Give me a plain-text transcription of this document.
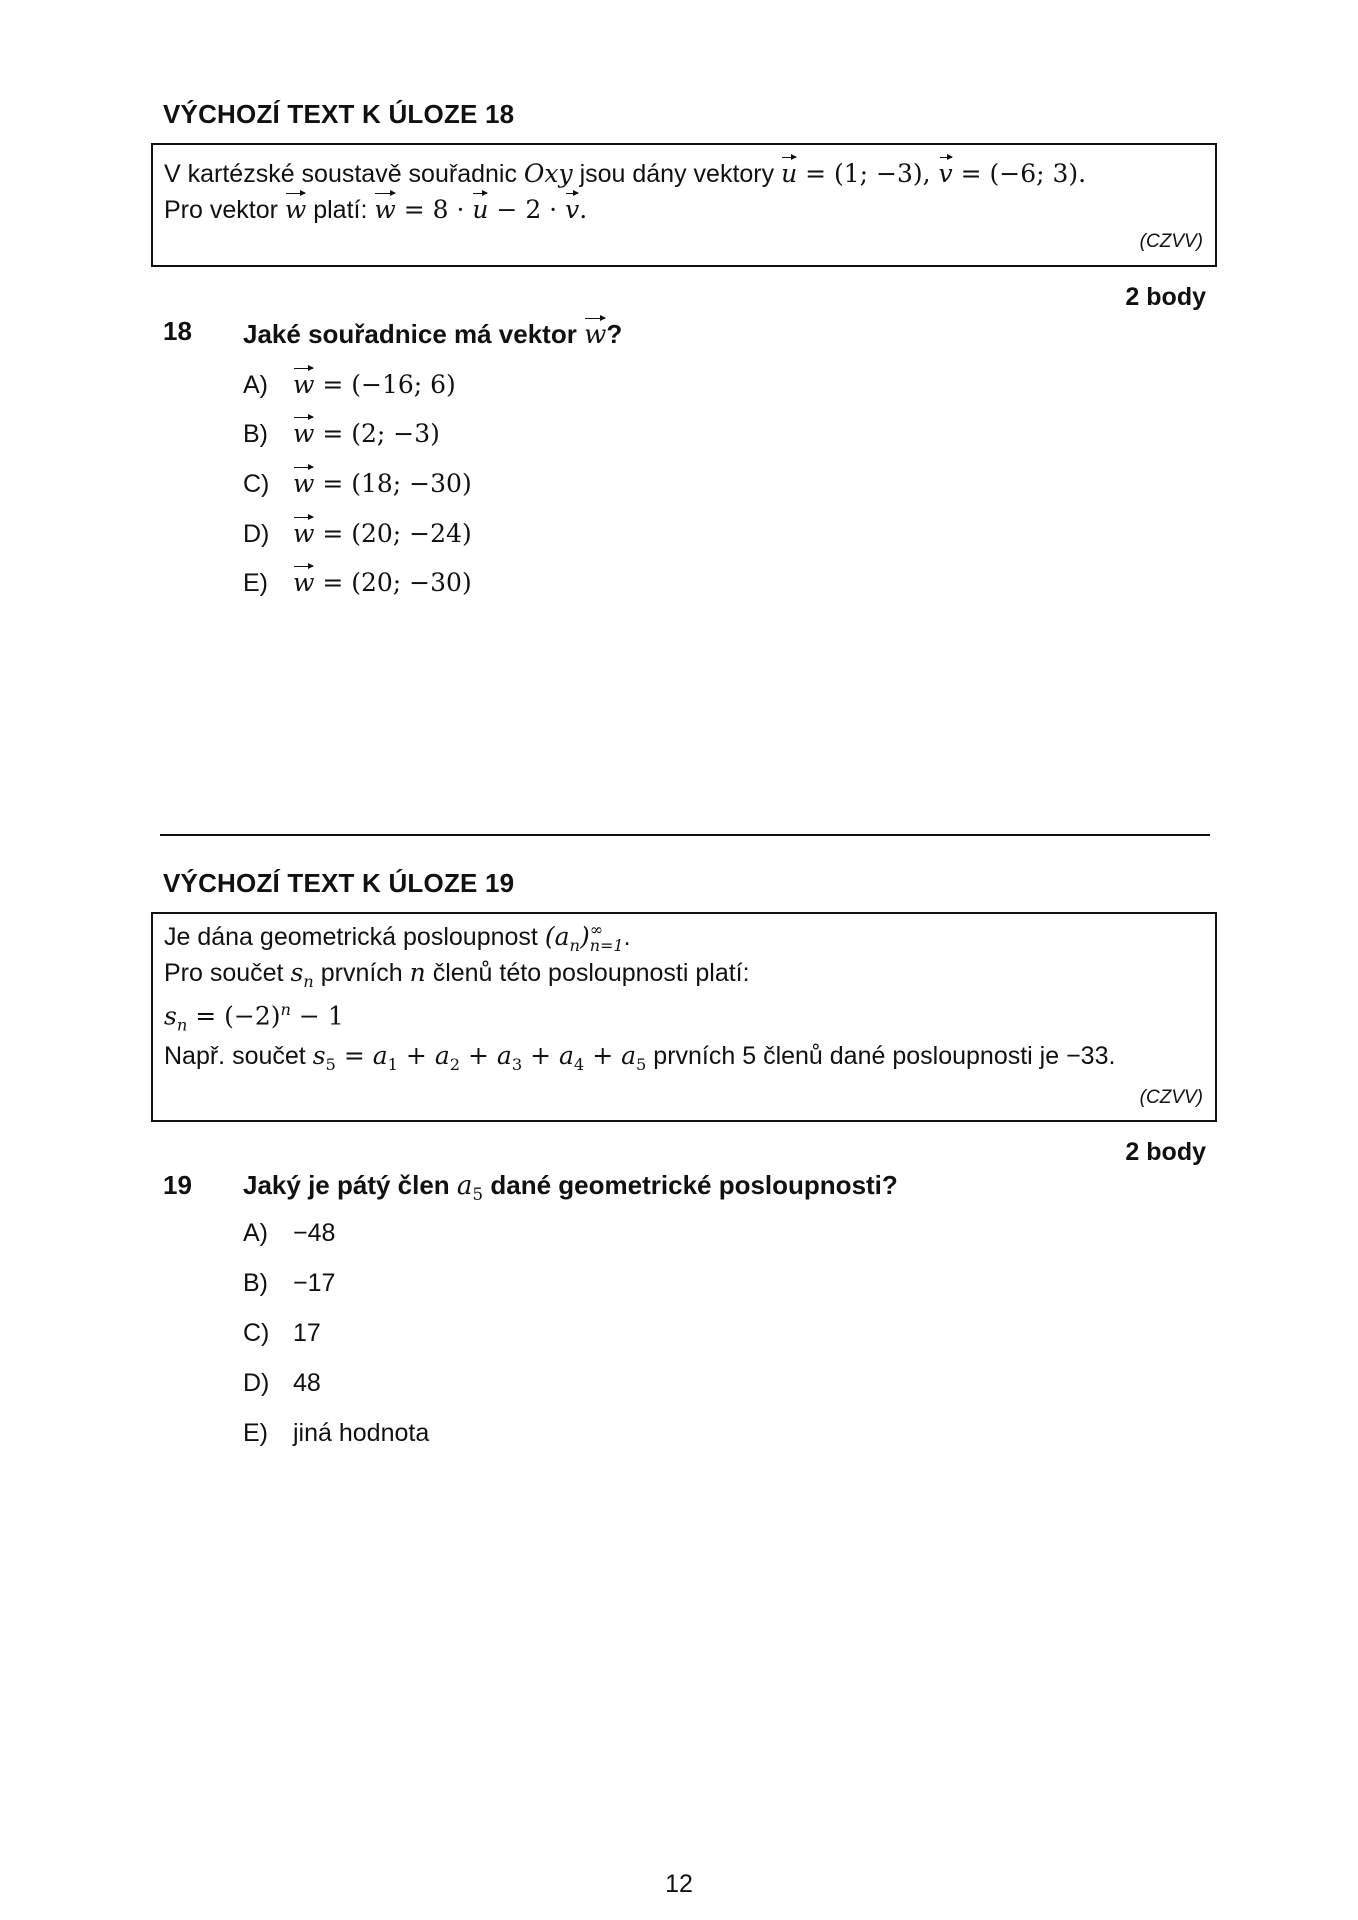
VÝCHOZÍ TEXT K ÚLOZE 18
V kartézské soustavě souřadnic Oxy jsou dány vektory u = (1; −3), v = (−6; 3).
Pro vektor w platí: w = 8 · u − 2 · v.
(CZVV)
2 body
18 Jaké souřadnice má vektor w?
A) w = (−16; 6)
B) w = (2; −3)
C) w = (18; −30)
D) w = (20; −24)
E) w = (20; −30)
VÝCHOZÍ TEXT K ÚLOZE 19
Je dána geometrická posloupnost $(a_n)$ ∞
n=1 .
Pro součet $s_n$ prvních n členů této posloupnosti platí:
$s_n = (-2)^n - 1$
Např. součet $s_5 = a_1 + a_2 + a_3 + a_4 + a_5$ prvních 5 členů dané posloupnosti je −33.
(CZVV)
2 body
19 Jaký je pátý člen $a_5$ dané geometrické posloupnosti?
A) −48
B) −17
C) 17
D) 48
E) jiná hodnota
12
